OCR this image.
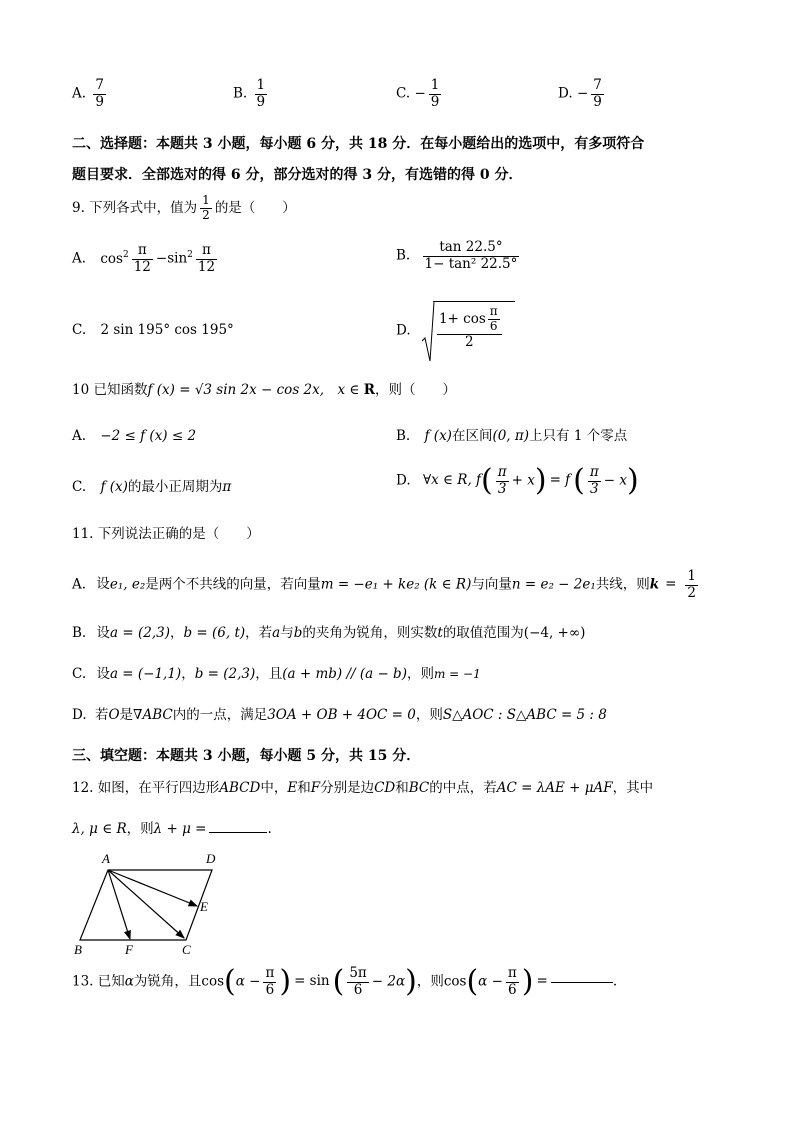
A. $\frac{7}{9}$	B. $\frac{1}{9}$	C. − $\frac{1}{9}$	D. − $\frac{7}{9}$
二、选择题：本题共 3 小题，每小题 6 分，共 18 分．在每小题给出的选项中，有多项符合
题目要求．全部选对的得 6 分，部分选对的得 3 分，有选错的得 0 分．
9. 下列各式中，值为 $\frac{1}{2}$ 的是（　　）
A. $\cos^2 \frac{\pi}{12} -\sin^2 \frac{\pi}{12}$	B. $\frac{\tan 22.5^\circ}{\text{1− tan² 22.5°}}$
C. 2 sin 195° cos 195°	D. $\frac{1+ \cos \frac{\pi}{6}}{2}$
10 已知函数f (x) = √3 sin 2x − cos 2x,　x ∈ R，则（　　）
A. −2 ≤ f (x) ≤ 2	B. f (x)在区间(0, π)上只有 1 个零点
C. f (x)的最小正周期为π	D. ∀x ∈ R, $f( \frac{\pi}{3} + x) = f$ ( $\frac{\pi}{3} - x$)
11. 下列说法正确的是（　　）
A. 设e₁, e₂是两个不共线的向量，若向量m = −e₁ + ke₂ (k ∈ R)与向量n = e₂ − 2e₁共线，则$k = \frac{1}{2}$
B. 设a = (2,3)，b = (6, t)，若a与b的夹角为锐角，则实数t的取值范围为(−4, +∞)
C. 设a = (−1,1)，b = (2,3)，且(a + mb) // (a − b)，则m = −1
D. 若O是∇ABC内的一点，满足3OA + OB + 4OC = 0，则S△AOC : S△ABC = 5 : 8
三、填空题：本题共 3 小题，每小题 5 分，共 15 分．
12. 如图，在平行四边形ABCD中，E和F分别是边CD和BC的中点，若AC = λAE + μAF，其中
λ, μ ∈ R，则λ + μ =	.
A	D
E
B	F	C
13. 已知α为锐角，且$\cos(\alpha - \frac{\pi}{6}$ ) = sin ( $\frac{5\pi}{6} - 2\alpha$)，则$\cos(\alpha - \frac{\pi}{6}$ ) =	.
